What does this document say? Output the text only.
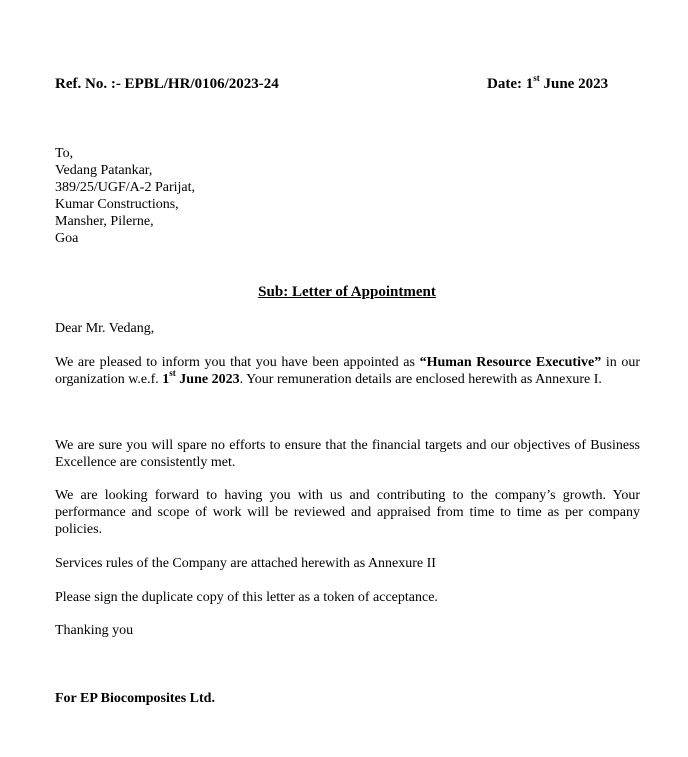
Ref. No. :- EPBL/HR/0106/2023-24	Date: 1st June 2023
To,
Vedang Patankar,
389/25/UGF/A-2 Parijat,
Kumar Constructions,
Mansher, Pilerne,
Goa
Sub: Letter of Appointment
Dear Mr. Vedang,
We are pleased to inform you that you have been appointed as “Human Resource Executive” in our organization w.e.f. 1st June 2023. Your remuneration details are enclosed herewith as Annexure I.
We are sure you will spare no efforts to ensure that the financial targets and our objectives of Business Excellence are consistently met.
We are looking forward to having you with us and contributing to the company’s growth. Your performance and scope of work will be reviewed and appraised from time to time as per company policies.
Services rules of the Company are attached herewith as Annexure II
Please sign the duplicate copy of this letter as a token of acceptance.
Thanking you
For EP Biocomposites Ltd.
